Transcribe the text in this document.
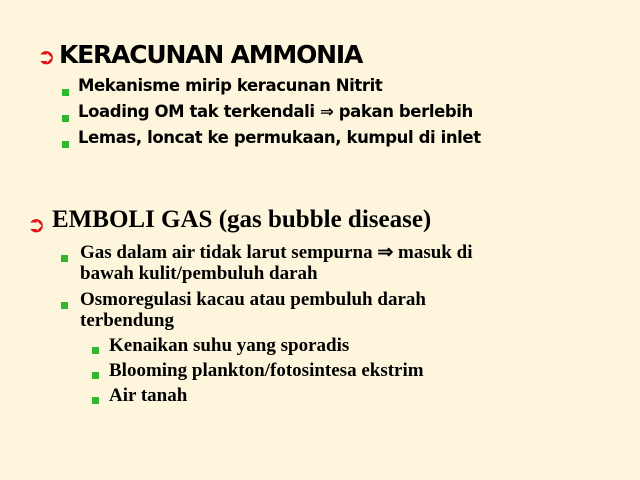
➲ KERACUNAN AMMONIA
Mekanisme mirip keracunan Nitrit
Loading OM tak terkendali ⇒ pakan berlebih
Lemas, loncat ke permukaan, kumpul di inlet
➲ EMBOLI GAS (gas bubble disease)
Gas dalam air tidak larut sempurna ⇒ masuk di
bawah kulit/pembuluh darah
Osmoregulasi kacau atau pembuluh darah
terbendung
Kenaikan suhu yang sporadis
Blooming plankton/fotosintesa ekstrim
Air tanah
